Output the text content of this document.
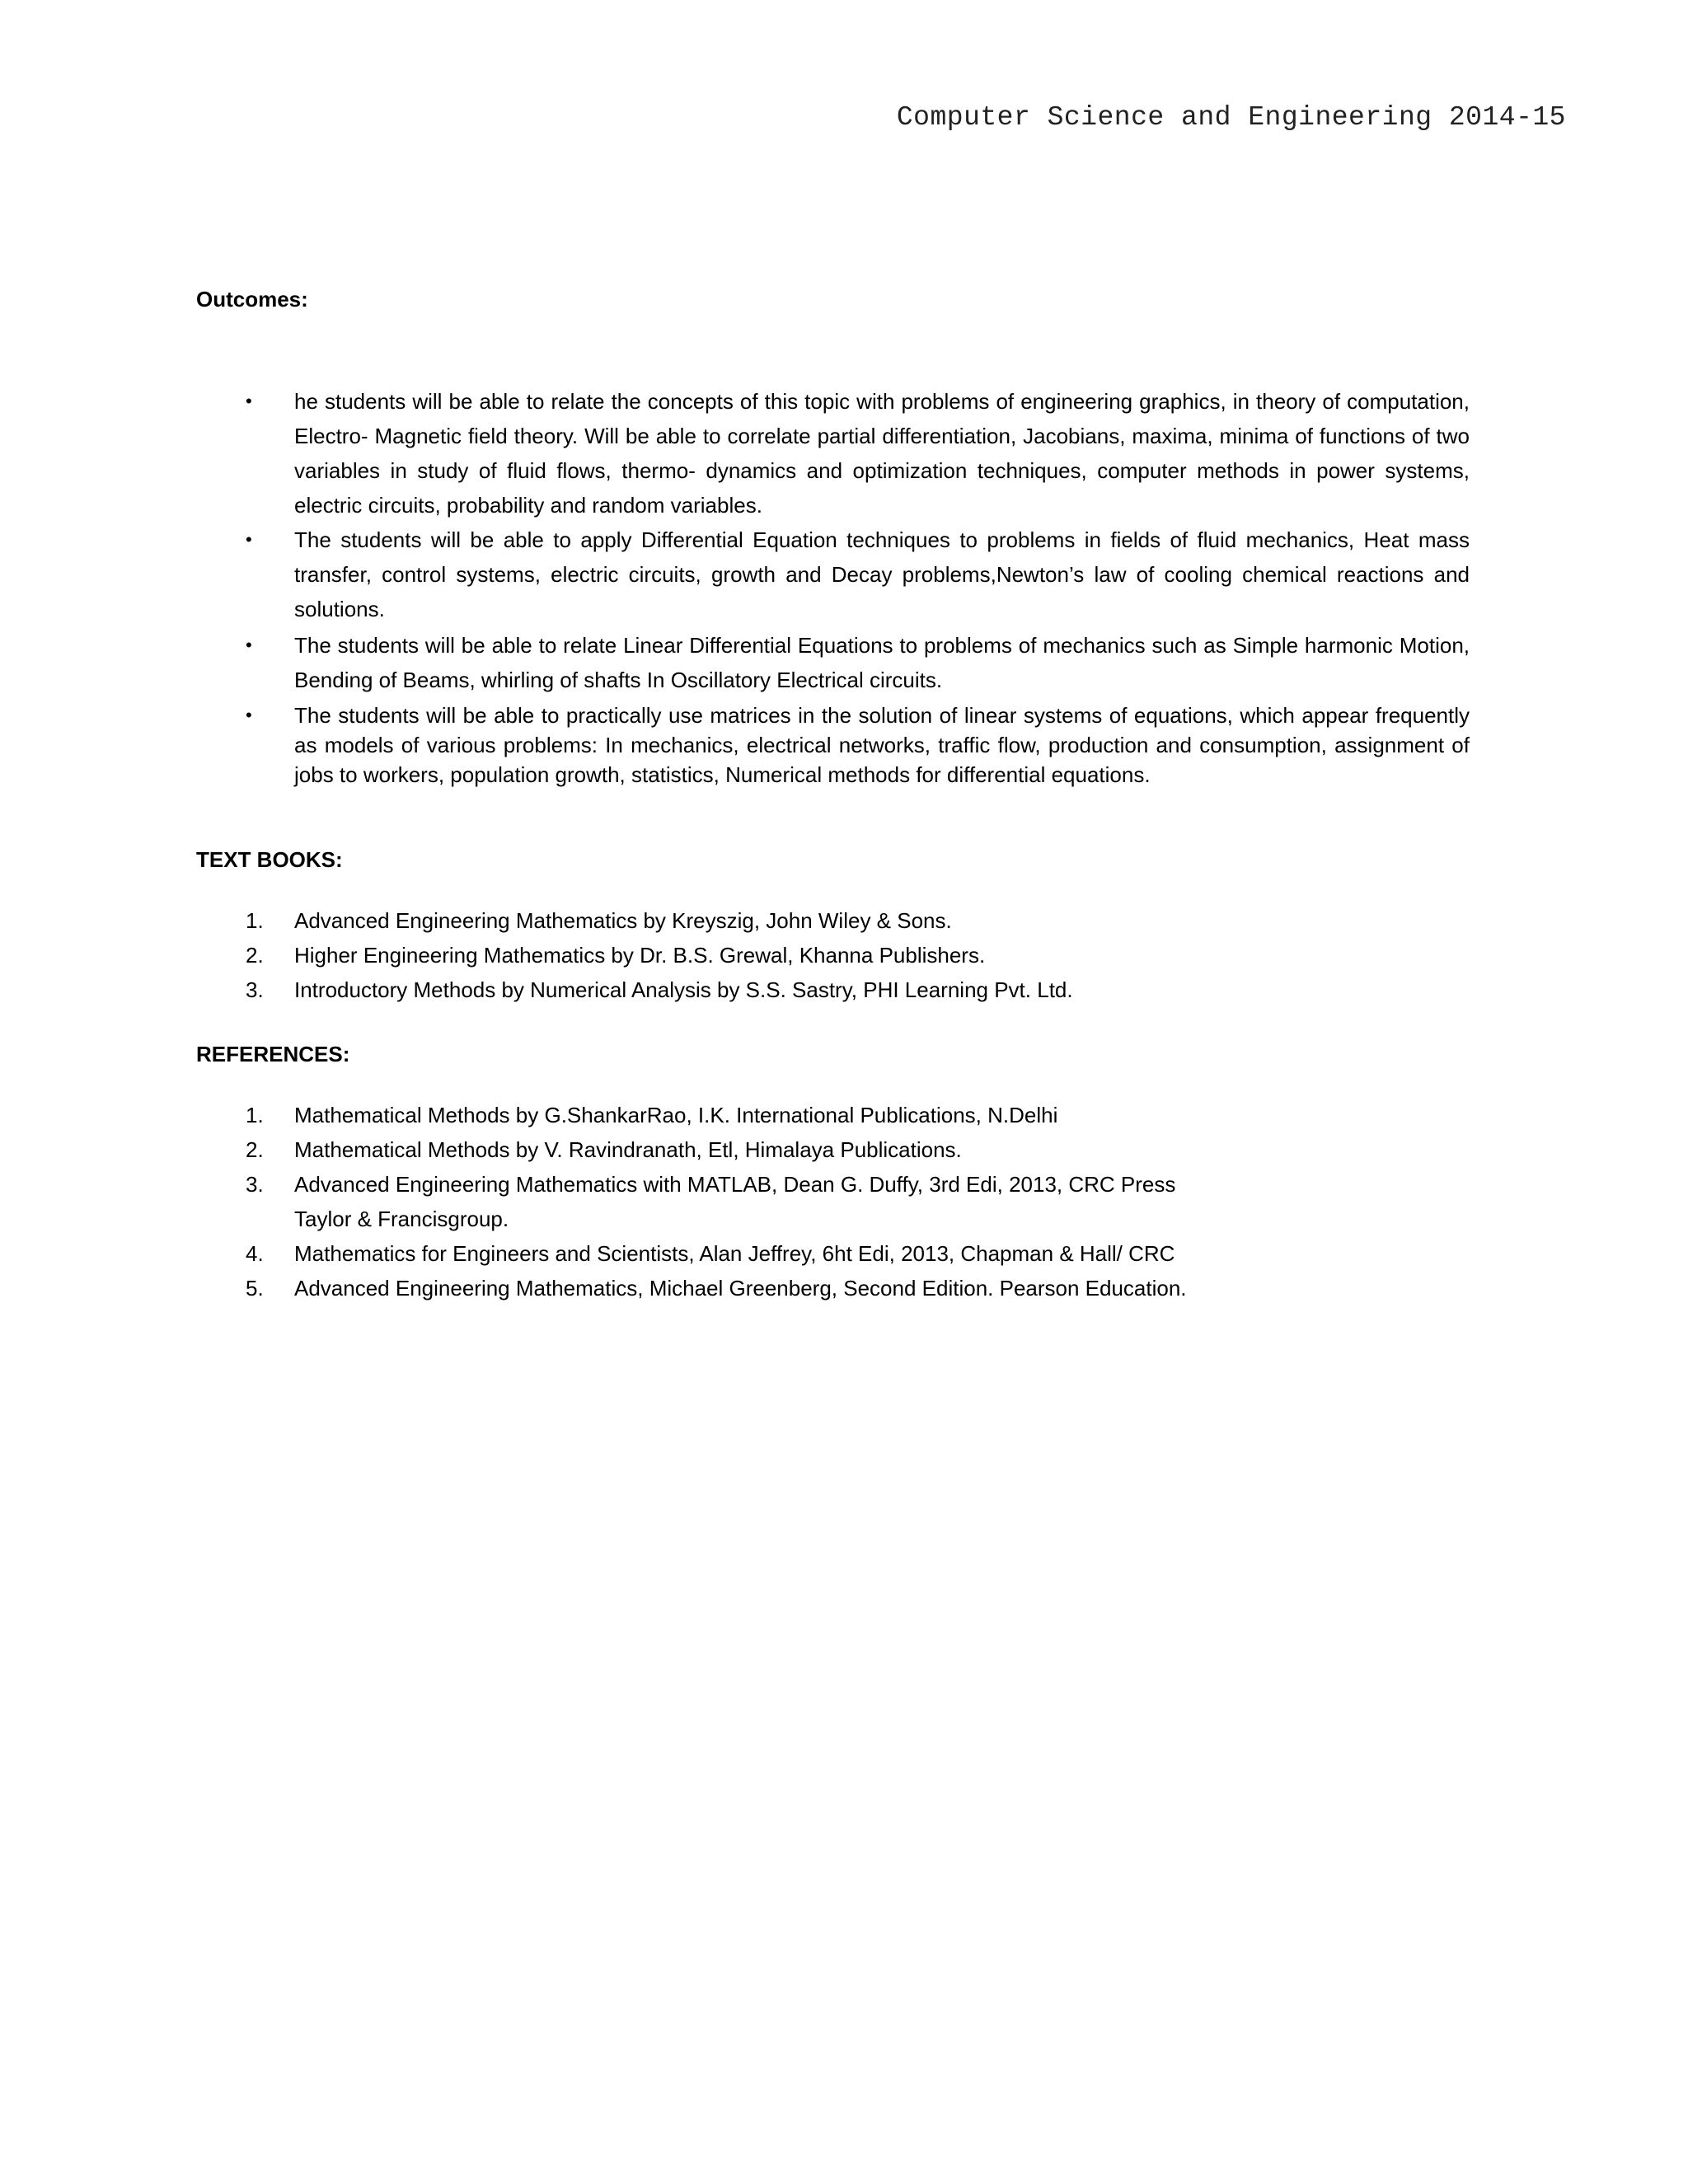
Computer Science and Engineering 2014-15
Outcomes:
• he students will be able to relate the concepts of this topic with problems of engineering graphics, in theory of computation, Electro- Magnetic field theory. Will be able to correlate partial differentiation, Jacobians, maxima, minima of functions of two variables in study of fluid flows, thermo- dynamics and optimization techniques, computer methods in power systems, electric circuits, probability and random variables.
• The students will be able to apply Differential Equation techniques to problems in fields of fluid mechanics, Heat mass transfer, control systems, electric circuits, growth and Decay problems,Newton’s law of cooling chemical reactions and solutions.
• The students will be able to relate Linear Differential Equations to problems of mechanics such as Simple harmonic Motion, Bending of Beams, whirling of shafts In Oscillatory Electrical circuits.
• The students will be able to practically use matrices in the solution of linear systems of equations, which appear frequently as models of various problems: In mechanics, electrical networks, traffic flow, production and consumption, assignment of jobs to workers, population growth, statistics, Numerical methods for differential equations.
TEXT BOOKS:
1. Advanced Engineering Mathematics by Kreyszig, John Wiley & Sons.
2. Higher Engineering Mathematics by Dr. B.S. Grewal, Khanna Publishers.
3. Introductory Methods by Numerical Analysis by S.S. Sastry, PHI Learning Pvt. Ltd.
REFERENCES:
1. Mathematical Methods by G.ShankarRao, I.K. International Publications, N.Delhi
2. Mathematical Methods by V. Ravindranath, Etl, Himalaya Publications.
3. Advanced Engineering Mathematics with MATLAB, Dean G. Duffy, 3rd Edi, 2013, CRC Press Taylor & Francisgroup.
4. Mathematics for Engineers and Scientists, Alan Jeffrey, 6ht Edi, 2013, Chapman & Hall/ CRC
5. Advanced Engineering Mathematics, Michael Greenberg, Second Edition. Pearson Education.
